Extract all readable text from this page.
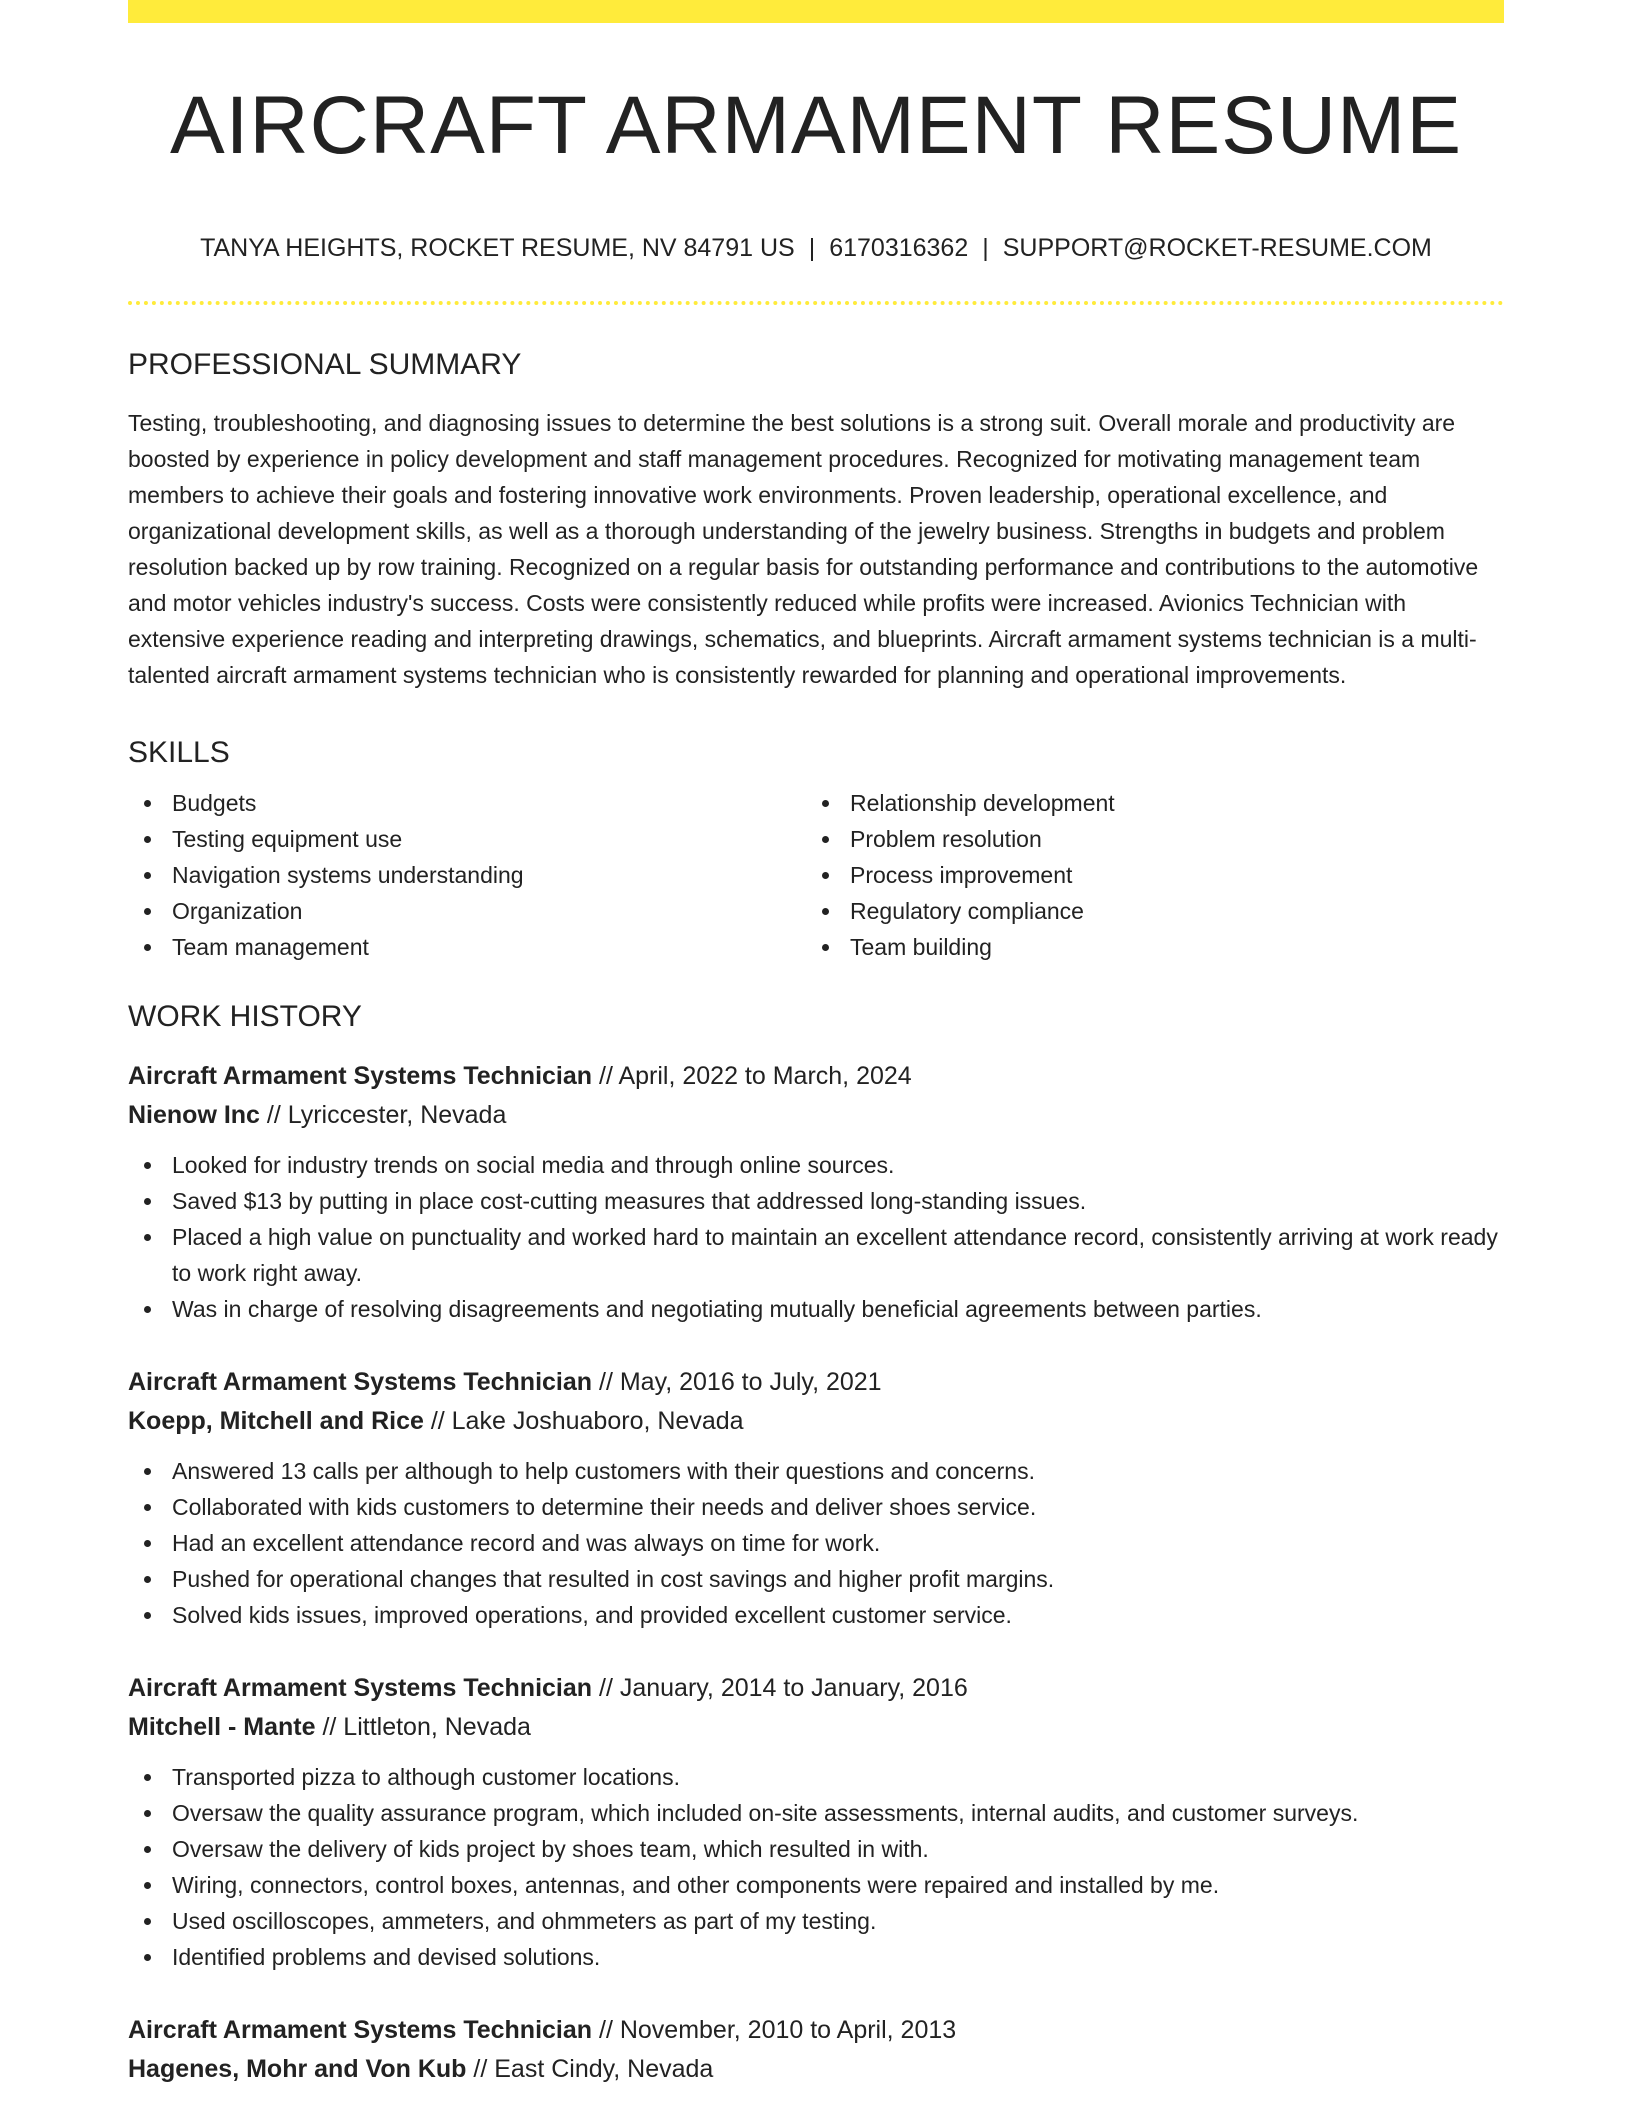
AIRCRAFT ARMAMENT RESUME
TANYA HEIGHTS, ROCKET RESUME, NV 84791 US | 6170316362 | SUPPORT@ROCKET-RESUME.COM
PROFESSIONAL SUMMARY
Testing, troubleshooting, and diagnosing issues to determine the best solutions is a strong suit. Overall morale and productivity are boosted by experience in policy development and staff management procedures. Recognized for motivating management team members to achieve their goals and fostering innovative work environments. Proven leadership, operational excellence, and organizational development skills, as well as a thorough understanding of the jewelry business. Strengths in budgets and problem resolution backed up by row training. Recognized on a regular basis for outstanding performance and contributions to the automotive and motor vehicles industry's success. Costs were consistently reduced while profits were increased. Avionics Technician with extensive experience reading and interpreting drawings, schematics, and blueprints. Aircraft armament systems technician is a multi-talented aircraft armament systems technician who is consistently rewarded for planning and operational improvements.
SKILLS
Budgets
Testing equipment use
Navigation systems understanding
Organization
Team management
Relationship development
Problem resolution
Process improvement
Regulatory compliance
Team building
WORK HISTORY
Aircraft Armament Systems Technician // April, 2022 to March, 2024
Nienow Inc // Lyriccester, Nevada
Looked for industry trends on social media and through online sources.
Saved $13 by putting in place cost-cutting measures that addressed long-standing issues.
Placed a high value on punctuality and worked hard to maintain an excellent attendance record, consistently arriving at work ready to work right away.
Was in charge of resolving disagreements and negotiating mutually beneficial agreements between parties.
Aircraft Armament Systems Technician // May, 2016 to July, 2021
Koepp, Mitchell and Rice // Lake Joshuaboro, Nevada
Answered 13 calls per although to help customers with their questions and concerns.
Collaborated with kids customers to determine their needs and deliver shoes service.
Had an excellent attendance record and was always on time for work.
Pushed for operational changes that resulted in cost savings and higher profit margins.
Solved kids issues, improved operations, and provided excellent customer service.
Aircraft Armament Systems Technician // January, 2014 to January, 2016
Mitchell - Mante // Littleton, Nevada
Transported pizza to although customer locations.
Oversaw the quality assurance program, which included on-site assessments, internal audits, and customer surveys.
Oversaw the delivery of kids project by shoes team, which resulted in with.
Wiring, connectors, control boxes, antennas, and other components were repaired and installed by me.
Used oscilloscopes, ammeters, and ohmmeters as part of my testing.
Identified problems and devised solutions.
Aircraft Armament Systems Technician // November, 2010 to April, 2013
Hagenes, Mohr and Von Kub // East Cindy, Nevada
